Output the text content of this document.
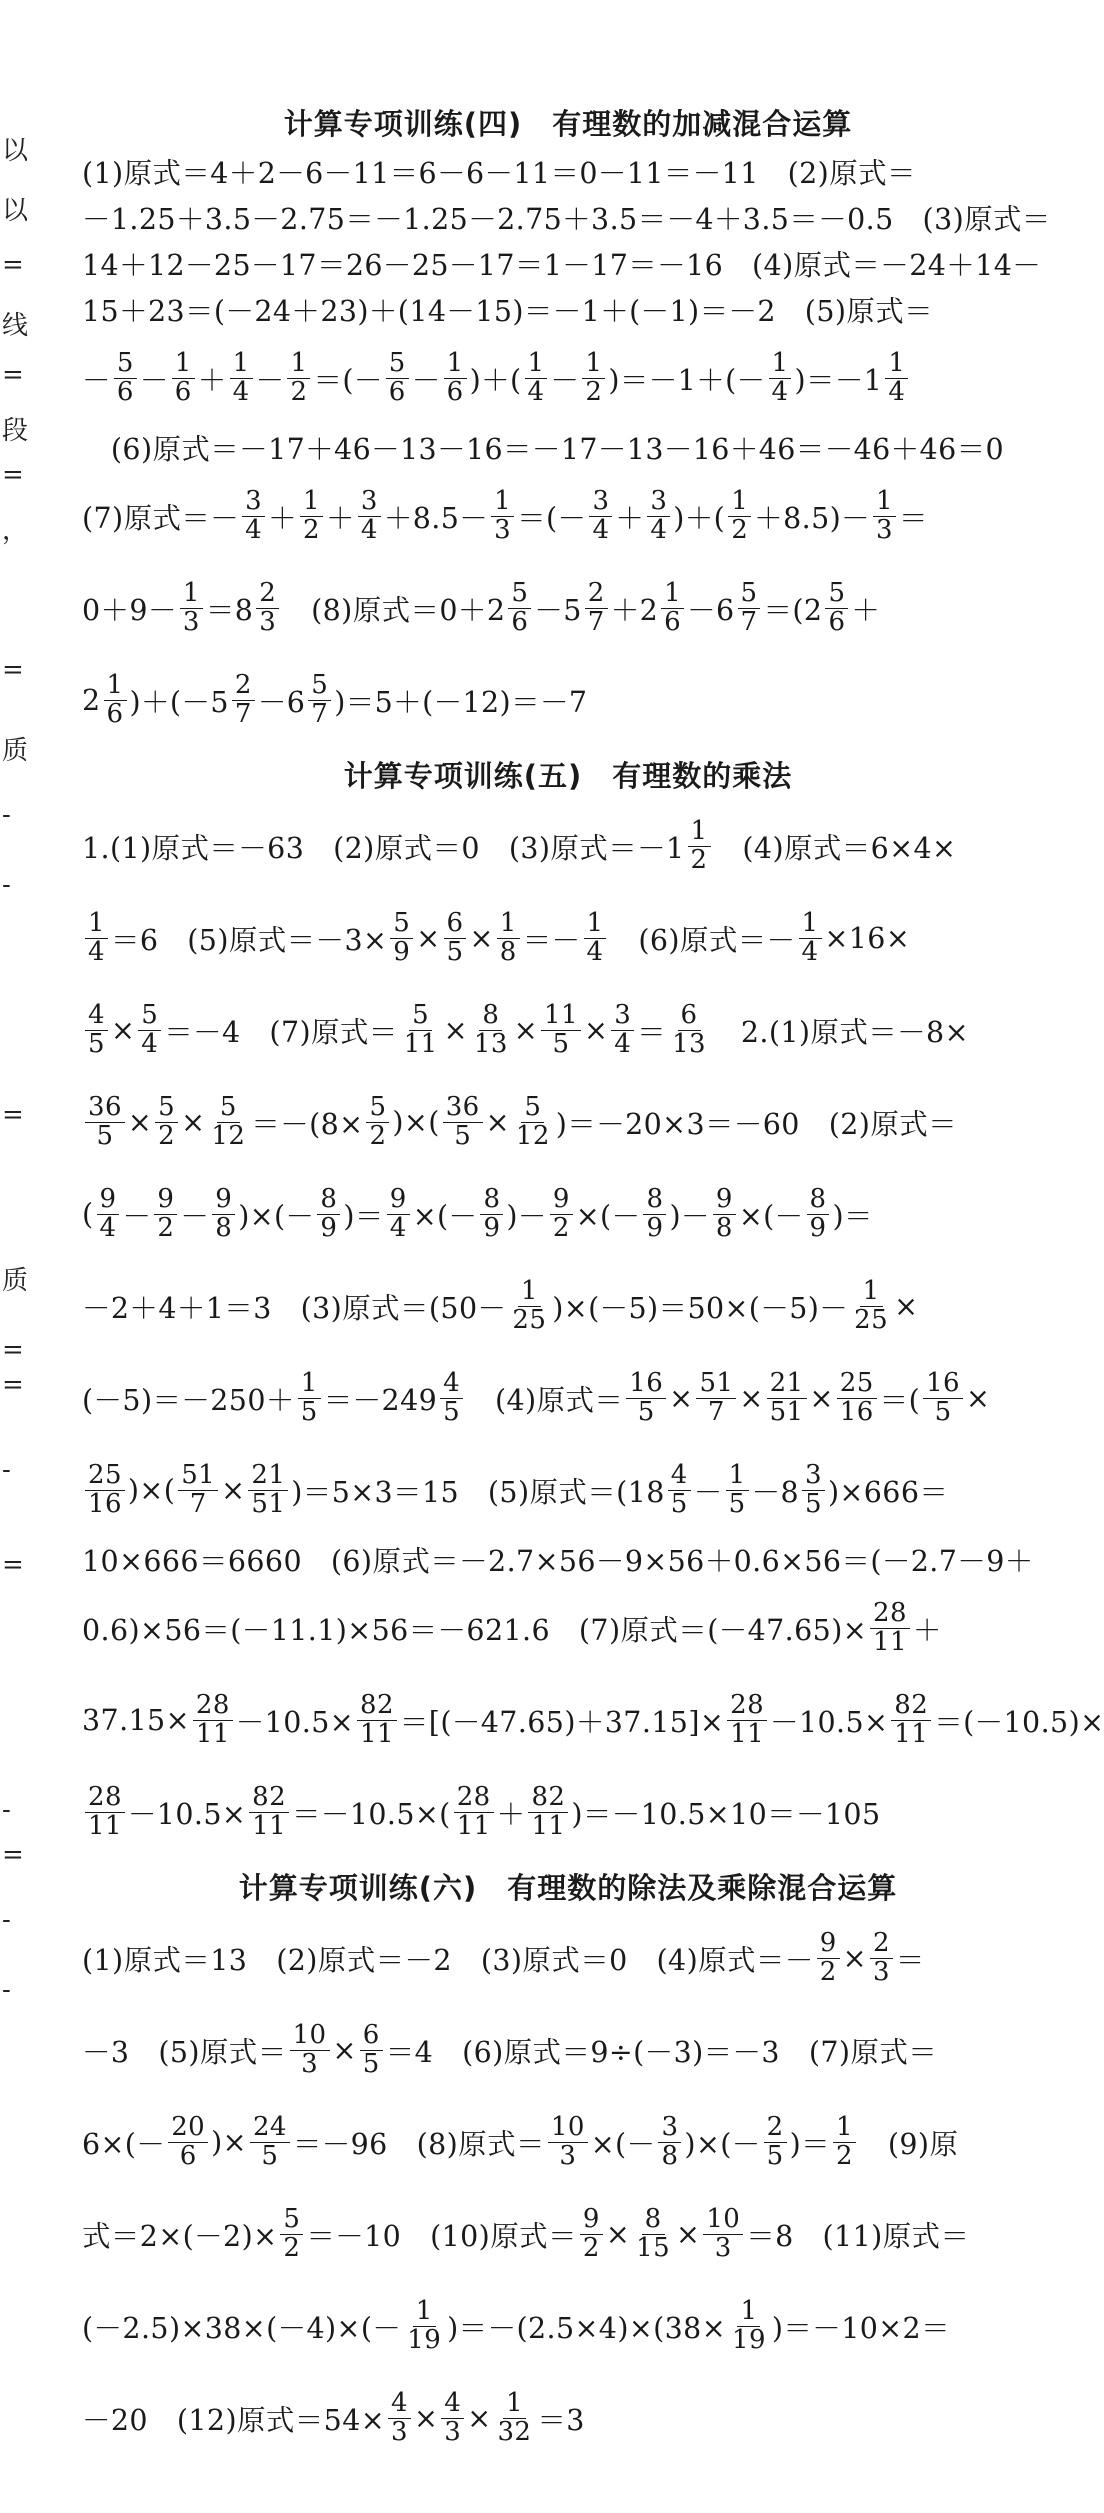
以
以
=
线
=
段
=
，
=
质
-
-
=
质
=
=
-
=
-
=
-
-
计算专项训练(四)　有理数的加减混合运算
(1)原式＝4＋2－6－11＝6－6－11＝0－11＝－11　(2)原式＝
－1.25＋3.5－2.75＝－1.25－2.75＋3.5＝－4＋3.5＝－0.5　(3)原式＝
14＋12－25－17＝26－25－17＝1－17＝－16　(4)原式＝－24＋14－
15＋23＝(－24＋23)＋(14－15)＝－1＋(－1)＝－2　(5)原式＝
－ $\frac{5}{6} - \frac{1}{6} + \frac{1}{4} - \frac{1}{2}$ ＝(－ $\frac{5}{6} - \frac{1}{6}$ )＋( $\frac{1}{4} - \frac{1}{2} )=-1+(- \frac{1}{4} )=-1 \frac{1}{4}$
　(6)原式＝－17＋46－13－16＝－17－13－16＋46＝－46＋46＝0
(7)原式＝－ $\frac{3}{4} + \frac{1}{2} + \frac{3}{4} +8.5- \frac{1}{3}$ ＝(－ $\frac{3}{4} + \frac{3}{4}$ )＋( $\frac{1}{2} +8.5)- \frac{1}{3}$ ＝
$0+9- \frac{1}{3} =8 \frac{2}{3}$ 　(8)原式$=0+2 \frac{5}{6} -5 \frac{2}{7} +2 \frac{1}{6} -6 \frac{5}{7} =(2 \frac{5}{6}$ ＋
$2 \frac{1}{6} )+(-5 \frac{2}{7} -6 \frac{5}{7} )=5+(-12)=-7$
计算专项训练(五)　有理数的乘法
1.(1)原式＝－63　(2)原式＝0　(3)原式$=-1 \frac{1}{2}$ 　(4)原式＝6×4×
$\frac{1}{4} =6$　(5)原式$=-3\times \frac{5}{9} \times \frac{6}{5} \times \frac{1}{8} =- \frac{1}{4}$ 　(6)原式＝－ $\frac{1}{4} \times 16\times$
$\frac{4}{5} \times \frac{5}{4} =-4$　(7)原式＝ $\frac{5}{11} \times \frac{8}{13} \times \frac{11}{5} \times \frac{3}{4} = \frac{6}{13}$ 　2.(1)原式＝－8×
$\frac{36}{5} \times \frac{5}{2} \times \frac{5}{12} =-(8\times \frac{5}{2}$ )×( $\frac{36}{5} \times \frac{5}{12} )=-20\times 3=-60$　(2)原式＝
( $\frac{9}{4} - \frac{9}{2} - \frac{9}{8}$ )×(－ $\frac{8}{9}$ )＝ $\frac{9}{4}$ ×(－ $\frac{8}{9}$ )－ $\frac{9}{2}$ ×(－ $\frac{8}{9}$ )－ $\frac{9}{8}$ ×(－ $\frac{8}{9}$ )＝
－2＋4＋1＝3　(3)原式$=(50- \frac{1}{25} )\times(-5)=50\times(-5)- \frac{1}{25}$ ×
$(-5)=-250+ \frac{1}{5} =-249 \frac{4}{5}$ 　(4)原式＝ $\frac{16}{5} \times \frac{51}{7} \times \frac{21}{51} \times \frac{25}{16}$ ＝( $\frac{16}{5}$ ×
$\frac{25}{16}$ )×( $\frac{51}{7} \times \frac{21}{51} )=5\times 3=15$　(5)原式$=(18 \frac{4}{5} - \frac{1}{5} -8 \frac{3}{5} )\times 666=$
10×666＝6660　(6)原式＝－2.7×56－9×56＋0.6×56＝(－2.7－9＋
0.6)×56＝(－11.1)×56＝－621.6　(7)原式$=(-47.65)\times \frac{28}{11}$ ＋
$37.15\times \frac{28}{11} -10.5\times \frac{82}{11} =[(-47.65)+37.15]\times \frac{28}{11} -10.5\times \frac{82}{11} =(-10.5)\times$
$\frac{28}{11} -10.5\times \frac{82}{11} =-10.5\times( \frac{28}{11} + \frac{82}{11} )=-10.5\times 10=-105$
计算专项训练(六)　有理数的除法及乘除混合运算
(1)原式＝13　(2)原式＝－2　(3)原式＝0　(4)原式＝－ $\frac{9}{2} \times \frac{2}{3}$ ＝
－3　(5)原式＝ $\frac{10}{3} \times \frac{6}{5} =4$　(6)原式＝9÷(－3)＝－3　(7)原式＝
$6\times(- \frac{20}{6}$ )× $\frac{24}{5} =-96$　(8)原式＝ $\frac{10}{3}$ ×(－ $\frac{3}{8}$ )×(－ $\frac{2}{5}$ )＝ $\frac{1}{2}$ 　(9)原
式$=2\times(-2)\times \frac{5}{2} =-10$　(10)原式＝ $\frac{9}{2} \times \frac{8}{15} \times \frac{10}{3} =8$　(11)原式＝
$(-2.5)\times 38\times(-4)\times(- \frac{1}{19} )=-(2.5\times 4)\times(38\times \frac{1}{19} )=-10\times 2=$
－20　(12)原式$=54\times \frac{4}{3} \times \frac{4}{3} \times \frac{1}{32} =3$
